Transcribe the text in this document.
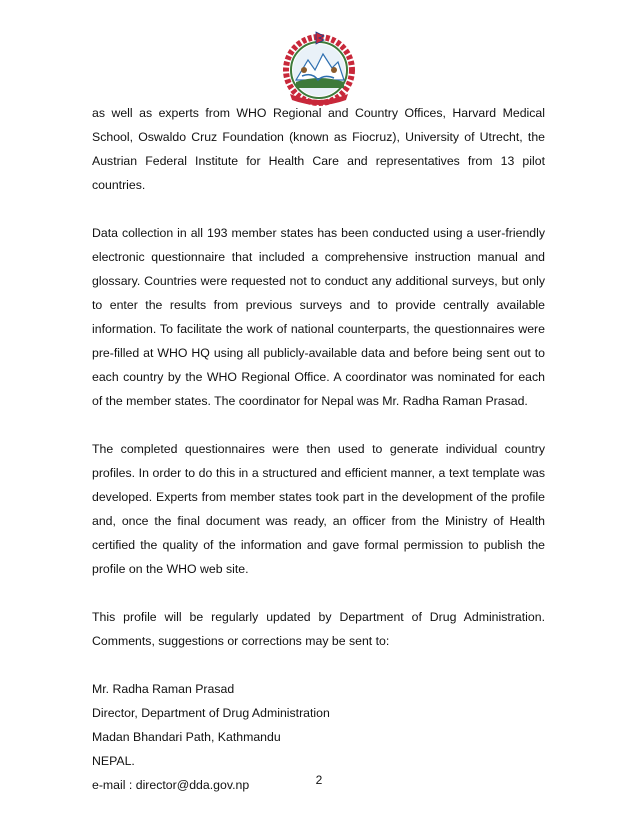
as well as experts from WHO Regional and Country Offices, Harvard Medical School, Oswaldo Cruz Foundation (known as Fiocruz), University of Utrecht, the Austrian Federal Institute for Health Care and representatives from 13 pilot countries.

Data collection in all 193 member states has been conducted using a user-friendly electronic questionnaire that included a comprehensive instruction manual and glossary. Countries were requested not to conduct any additional surveys, but only to enter the results from previous surveys and to provide centrally available information. To facilitate the work of national counterparts, the questionnaires were pre-filled at WHO HQ using all publicly-available data and before being sent out to each country by the WHO Regional Office. A coordinator was nominated for each of the member states. The coordinator for Nepal was Mr. Radha Raman Prasad.

The completed questionnaires were then used to generate individual country profiles. In order to do this in a structured and efficient manner, a text template was developed. Experts from member states took part in the development of the profile and, once the final document was ready, an officer from the Ministry of Health certified the quality of the information and gave formal permission to publish the profile on the WHO web site.

This profile will be regularly updated by Department of Drug Administration. Comments, suggestions or corrections may be sent to:

Mr. Radha Raman Prasad
Director, Department of Drug Administration
Madan Bhandari Path, Kathmandu
NEPAL.
e-mail : director@dda.gov.np	2
